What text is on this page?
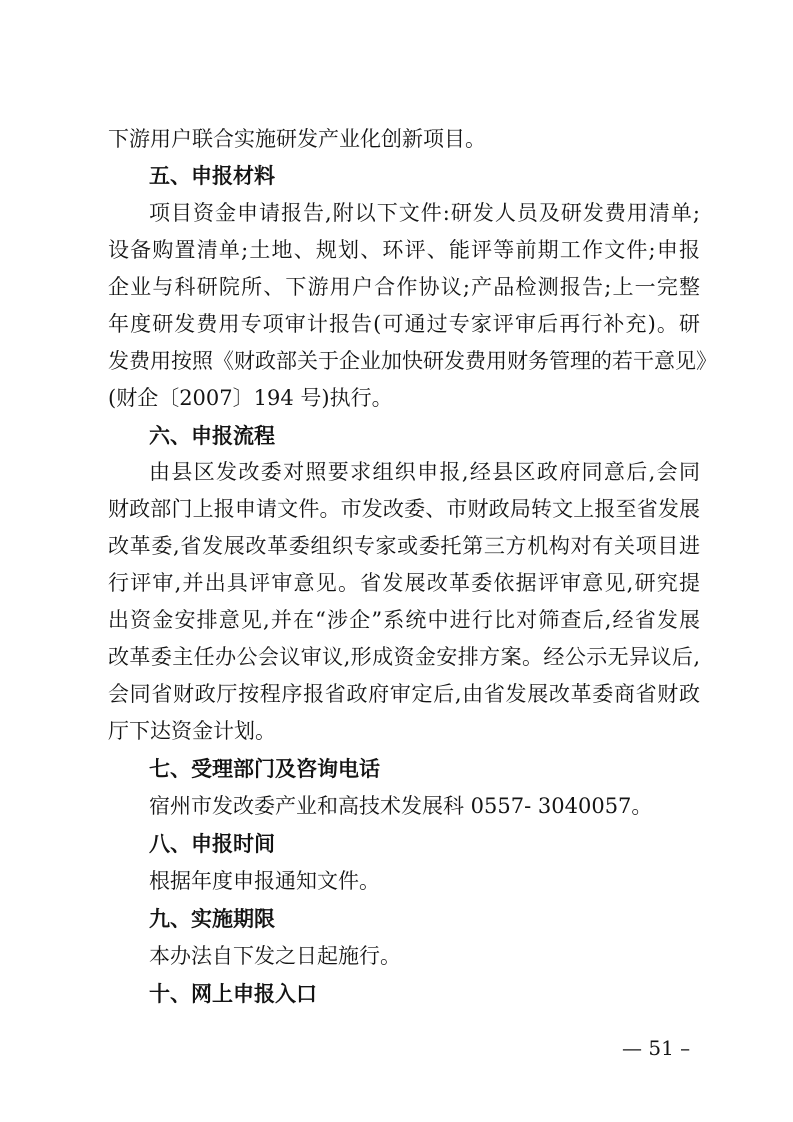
下游用户联合实施研发产业化创新项目。
五、申报材料
项目资金申请报告,附以下文件:研发人员及研发费用清单;
设备购置清单;土地、规划、环评、能评等前期工作文件;申报
企业与科研院所、下游用户合作协议;产品检测报告;上一完整
年度研发费用专项审计报告(可通过专家评审后再行补充)。研
发费用按照《财政部关于企业加快研发费用财务管理的若干意见》
(财企〔2007〕194 号)执行。
六、申报流程
由县区发改委对照要求组织申报,经县区政府同意后,会同
财政部门上报申请文件。市发改委、市财政局转文上报至省发展
改革委,省发展改革委组织专家或委托第三方机构对有关项目进
行评审,并出具评审意见。省发展改革委依据评审意见,研究提
出资金安排意见,并在“涉企”系统中进行比对筛查后,经省发展
改革委主任办公会议审议,形成资金安排方案。经公示无异议后,
会同省财政厅按程序报省政府审定后,由省发展改革委商省财政
厅下达资金计划。
七、受理部门及咨询电话
宿州市发改委产业和高技术发展科 0557- 3040057。
八、申报时间
根据年度申报通知文件。
九、实施期限
本办法自下发之日起施行。
十、网上申报入口
— 51 –
